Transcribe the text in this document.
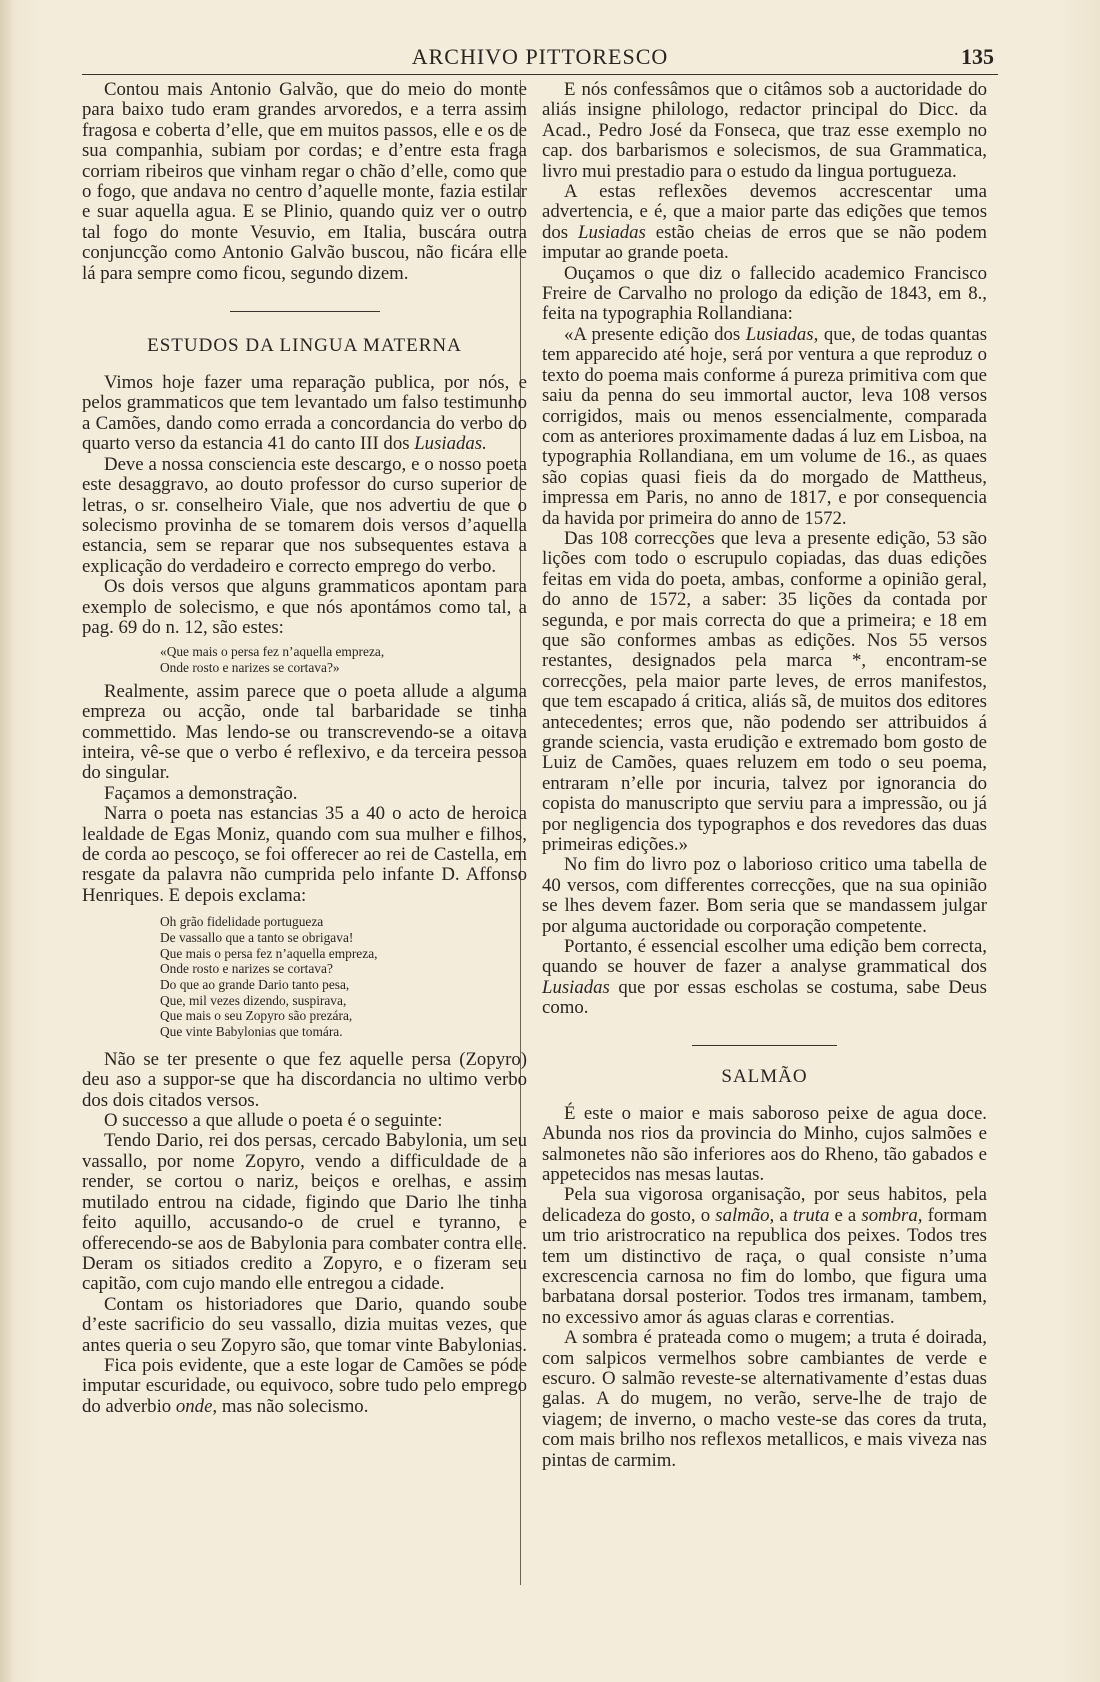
ARCHIVO PITTORESCO	135

Contou mais Antonio Galvão, que do meio do monte para baixo tudo eram grandes arvoredos, e a terra assim fragosa e coberta d’elle, que em muitos passos, elle e os de sua companhia, subiam por cordas; e d’entre esta fraga corriam ribeiros que vinham regar o chão d’elle, como que o fogo, que andava no centro d’aquelle monte, fazia estilar e suar aquella agua. E se Plinio, quando quiz ver o outro tal fogo do monte Vesuvio, em Italia, buscára outra conjuncção como Antonio Galvão buscou, não ficára elle lá para sempre como ficou, segundo dizem.

ESTUDOS DA LINGUA MATERNA

Vimos hoje fazer uma reparação publica, por nós, e pelos grammaticos que tem levantado um falso testimunho a Camões, dando como errada a concordancia do verbo do quarto verso da estancia 41 do canto III dos Lusiadas.

Deve a nossa consciencia este descargo, e o nosso poeta este desaggravo, ao douto professor do curso superior de letras, o sr. conselheiro Viale, que nos advertiu de que o solecismo provinha de se tomarem dois versos d’aquella estancia, sem se reparar que nos subsequentes estava a explicação do verdadeiro e correcto emprego do verbo.

Os dois versos que alguns grammaticos apontam para exemplo de solecismo, e que nós apontámos como tal, a pag. 69 do n. 12, são estes:

«Que mais o persa fez n’aquella empreza,
Onde rosto e narizes se cortava?»

Realmente, assim parece que o poeta allude a alguma empreza ou acção, onde tal barbaridade se tinha commettido. Mas lendo-se ou transcrevendo-se a oitava inteira, vê-se que o verbo é reflexivo, e da terceira pessoa do singular.

Façamos a demonstração.

Narra o poeta nas estancias 35 a 40 o acto de heroica lealdade de Egas Moniz, quando com sua mulher e filhos, de corda ao pescoço, se foi offerecer ao rei de Castella, em resgate da palavra não cumprida pelo infante D. Affonso Henriques. E depois exclama:

Oh grão fidelidade portugueza
De vassallo que a tanto se obrigava!
Que mais o persa fez n’aquella empreza,
Onde rosto e narizes se cortava?
Do que ao grande Dario tanto pesa,
Que, mil vezes dizendo, suspirava,
Que mais o seu Zopyro são prezára,
Que vinte Babylonias que tomára.

Não se ter presente o que fez aquelle persa (Zopyro) deu aso a suppor-se que ha discordancia no ultimo verbo dos dois citados versos.

O successo a que allude o poeta é o seguinte:

Tendo Dario, rei dos persas, cercado Babylonia, um seu vassallo, por nome Zopyro, vendo a difficuldade de a render, se cortou o nariz, beiços e orelhas, e assim mutilado entrou na cidade, figindo que Dario lhe tinha feito aquillo, accusando-o de cruel e tyranno, e offerecendo-se aos de Babylonia para combater contra elle. Deram os sitiados credito a Zopyro, e o fizeram seu capitão, com cujo mando elle entregou a cidade.

Contam os historiadores que Dario, quando soube d’este sacrificio do seu vassallo, dizia muitas vezes, que antes queria o seu Zopyro são, que tomar vinte Babylonias.

Fica pois evidente, que a este logar de Camões se póde imputar escuridade, ou equivoco, sobre tudo pelo emprego do adverbio onde, mas não solecismo.

E nós confessâmos que o citâmos sob a auctoridade do aliás insigne philologo, redactor principal do Dicc. da Acad., Pedro José da Fonseca, que traz esse exemplo no cap. dos barbarismos e solecismos, de sua Grammatica, livro mui prestadio para o estudo da lingua portugueza.

A estas reflexões devemos accrescentar uma advertencia, e é, que a maior parte das edições que temos dos Lusiadas estão cheias de erros que se não podem imputar ao grande poeta.

Ouçamos o que diz o fallecido academico Francisco Freire de Carvalho no prologo da edição de 1843, em 8., feita na typographia Rollandiana:

«A presente edição dos Lusiadas, que, de todas quantas tem apparecido até hoje, será por ventura a que reproduz o texto do poema mais conforme á pureza primitiva com que saiu da penna do seu immortal auctor, leva 108 versos corrigidos, mais ou menos essencialmente, comparada com as anteriores proximamente dadas á luz em Lisboa, na typographia Rollandiana, em um volume de 16., as quaes são copias quasi fieis da do morgado de Mattheus, impressa em Paris, no anno de 1817, e por consequencia da havida por primeira do anno de 1572.

Das 108 correcções que leva a presente edição, 53 são lições com todo o escrupulo copiadas, das duas edições feitas em vida do poeta, ambas, conforme a opinião geral, do anno de 1572, a saber: 35 lições da contada por segunda, e por mais correcta do que a primeira; e 18 em que são conformes ambas as edições. Nos 55 versos restantes, designados pela marca *, encontram-se correcções, pela maior parte leves, de erros manifestos, que tem escapado á critica, aliás sã, de muitos dos editores antecedentes; erros que, não podendo ser attribuidos á grande sciencia, vasta erudição e extremado bom gosto de Luiz de Camões, quaes reluzem em todo o seu poema, entraram n’elle por incuria, talvez por ignorancia do copista do manuscripto que serviu para a impressão, ou já por negligencia dos typographos e dos revedores das duas primeiras edições.»

No fim do livro poz o laborioso critico uma tabella de 40 versos, com differentes correcções, que na sua opinião se lhes devem fazer. Bom seria que se mandassem julgar por alguma auctoridade ou corporação competente.

Portanto, é essencial escolher uma edição bem correcta, quando se houver de fazer a analyse grammatical dos Lusiadas que por essas escholas se costuma, sabe Deus como.

SALMÃO

É este o maior e mais saboroso peixe de agua doce. Abunda nos rios da provincia do Minho, cujos salmões e salmonetes não são inferiores aos do Rheno, tão gabados e appetecidos nas mesas lautas.

Pela sua vigorosa organisação, por seus habitos, pela delicadeza do gosto, o salmão, a truta e a sombra, formam um trio aristrocratico na republica dos peixes. Todos tres tem um distinctivo de raça, o qual consiste n’uma excrescencia carnosa no fim do lombo, que figura uma barbatana dorsal posterior. Todos tres irmanam, tambem, no excessivo amor ás aguas claras e correntias.

A sombra é prateada como o mugem; a truta é doirada, com salpicos vermelhos sobre cambiantes de verde e escuro. O salmão reveste-se alternativamente d’estas duas galas. A do mugem, no verão, serve-lhe de trajo de viagem; de inverno, o macho veste-se das cores da truta, com mais brilho nos reflexos metallicos, e mais viveza nas pintas de carmim.
